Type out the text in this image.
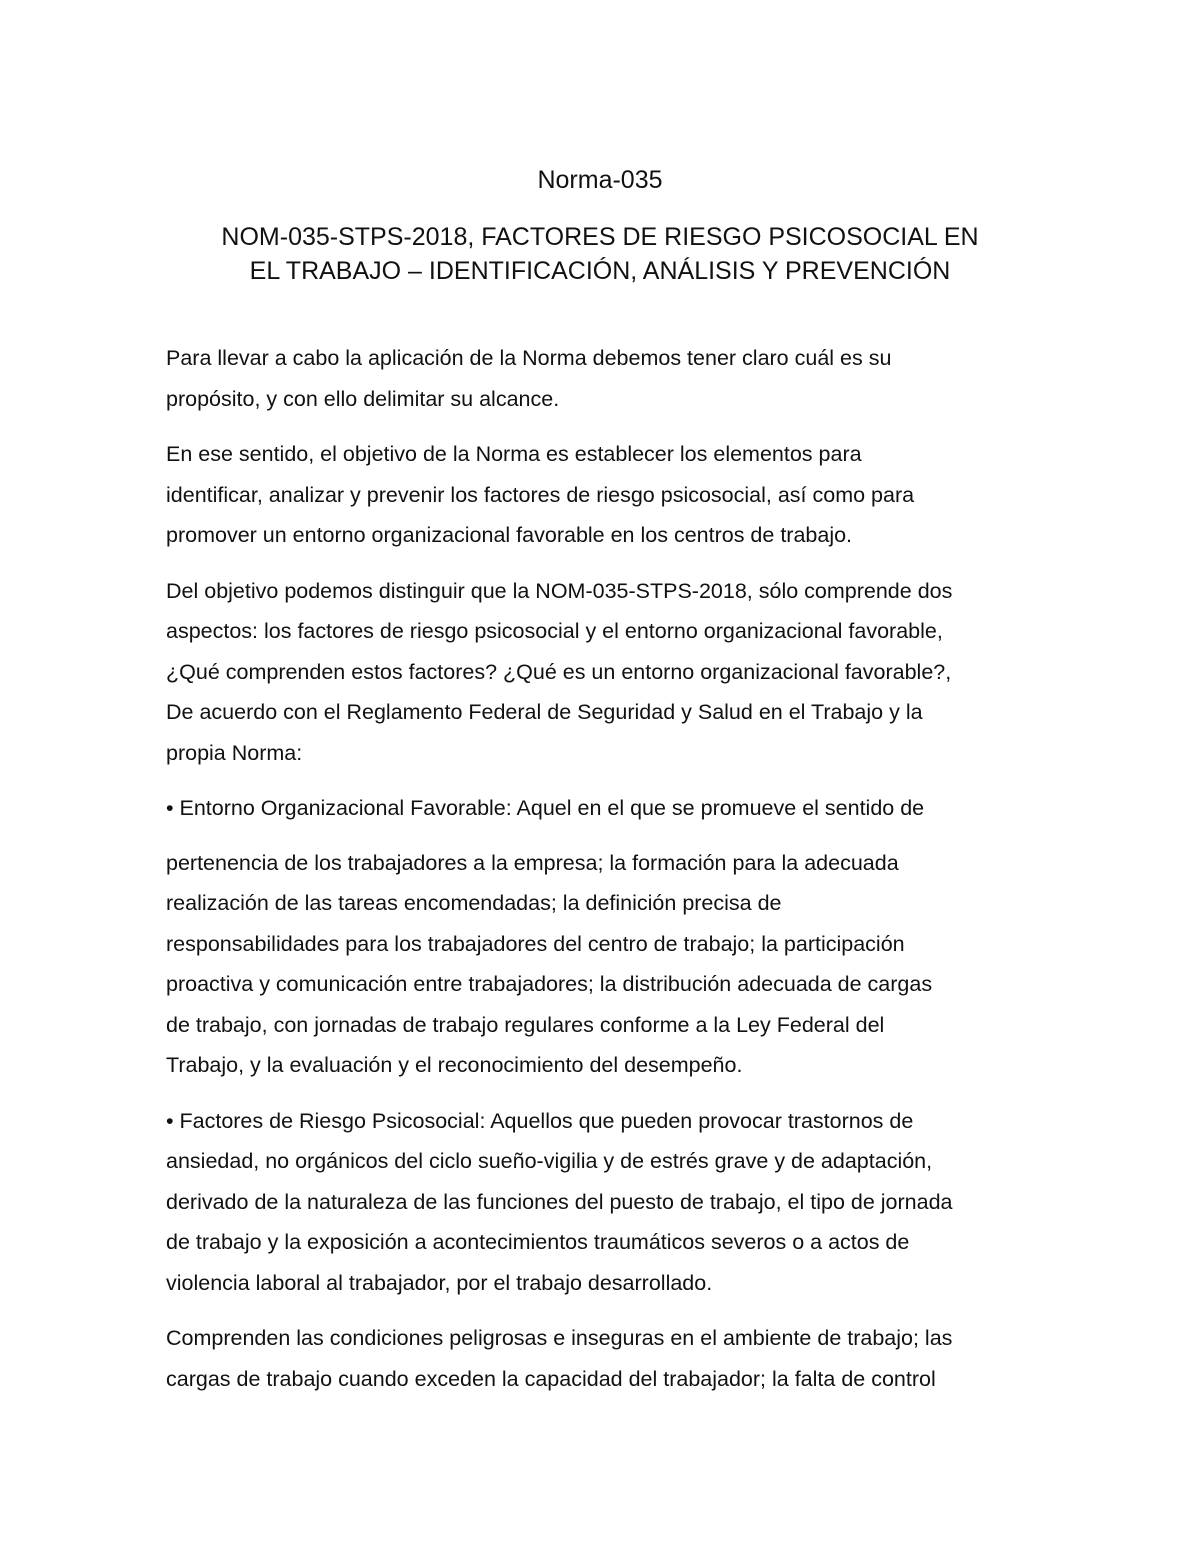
Norma-035
NOM-035-STPS-2018, FACTORES DE RIESGO PSICOSOCIAL EN
EL TRABAJO – IDENTIFICACIÓN, ANÁLISIS Y PREVENCIÓN

Para llevar a cabo la aplicación de la Norma debemos tener claro cuál es su
propósito, y con ello delimitar su alcance.

En ese sentido, el objetivo de la Norma es establecer los elementos para
identificar, analizar y prevenir los factores de riesgo psicosocial, así como para
promover un entorno organizacional favorable en los centros de trabajo.

Del objetivo podemos distinguir que la NOM-035-STPS-2018, sólo comprende dos
aspectos: los factores de riesgo psicosocial y el entorno organizacional favorable,
¿Qué comprenden estos factores? ¿Qué es un entorno organizacional favorable?,
De acuerdo con el Reglamento Federal de Seguridad y Salud en el Trabajo y la
propia Norma:

• Entorno Organizacional Favorable: Aquel en el que se promueve el sentido de

pertenencia de los trabajadores a la empresa; la formación para la adecuada
realización de las tareas encomendadas; la definición precisa de
responsabilidades para los trabajadores del centro de trabajo; la participación
proactiva y comunicación entre trabajadores; la distribución adecuada de cargas
de trabajo, con jornadas de trabajo regulares conforme a la Ley Federal del
Trabajo, y la evaluación y el reconocimiento del desempeño.

• Factores de Riesgo Psicosocial: Aquellos que pueden provocar trastornos de
ansiedad, no orgánicos del ciclo sueño-vigilia y de estrés grave y de adaptación,
derivado de la naturaleza de las funciones del puesto de trabajo, el tipo de jornada
de trabajo y la exposición a acontecimientos traumáticos severos o a actos de
violencia laboral al trabajador, por el trabajo desarrollado.

Comprenden las condiciones peligrosas e inseguras en el ambiente de trabajo; las
cargas de trabajo cuando exceden la capacidad del trabajador; la falta de control
